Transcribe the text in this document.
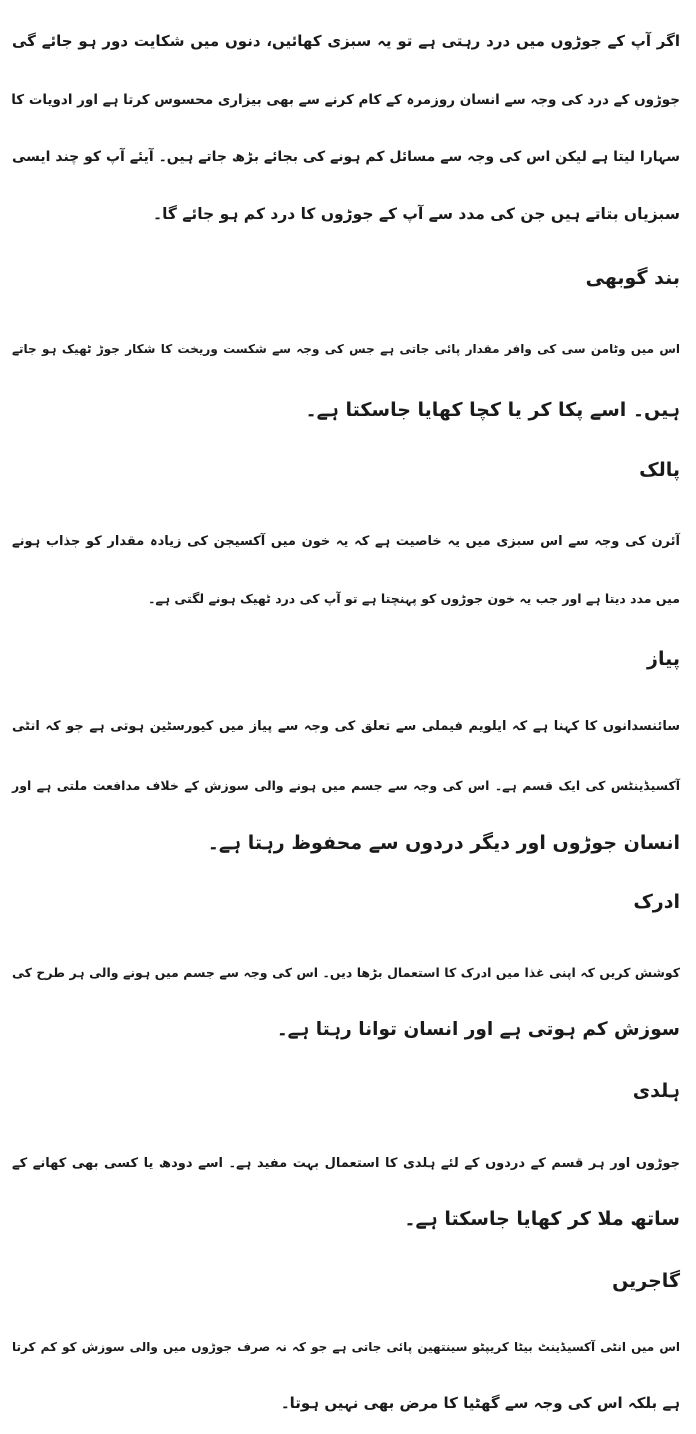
اگر آپ کے جوڑوں میں درد رہتی ہے تو یہ سبزی کھائیں، دنوں میں شکایت دور ہو جائے گی
جوڑوں کے درد کی وجہ سے انسان روزمرہ کے کام کرنے سے بھی بیزاری محسوس کرتا ہے اور ادویات کا
سہارا لیتا ہے لیکن اس کی وجہ سے مسائل کم ہونے کی بجائے بڑھ جاتے ہیں۔ آیئے آپ کو چند ایسی
سبزیاں بتاتے ہیں جن کی مدد سے آپ کے جوڑوں کا درد کم ہو جائے گا۔
بند گوبھی
اس میں وٹامن سی کی وافر مقدار پائی جاتی ہے جس کی وجہ سے شکست وریخت کا شکار جوڑ ٹھیک ہو جاتے
ہیں۔ اسے پکا کر یا کچا کھایا جاسکتا ہے۔
پالک
آئرن کی وجہ سے اس سبزی میں یہ خاصیت ہے کہ یہ خون میں آکسیجن کی زیادہ مقدار کو جذاب ہونے
میں مدد دیتا ہے اور جب یہ خون جوڑوں کو پہنچتا ہے تو آپ کی درد ٹھیک ہونے لگتی ہے۔
پیاز
سائنسدانوں کا کہنا ہے کہ ایلویم فیملی سے تعلق کی وجہ سے پیاز میں کیورسٹین ہوتی ہے جو کہ انٹی
آکسیڈینٹس کی ایک قسم ہے۔ اس کی وجہ سے جسم میں ہونے والی سوزش کے خلاف مدافعت ملتی ہے اور
انسان جوڑوں اور دیگر دردوں سے محفوظ رہتا ہے۔
ادرک
کوشش کریں کہ اپنی غذا میں ادرک کا استعمال بڑھا دیں۔ اس کی وجہ سے جسم میں ہونے والی ہر طرح کی
سوزش کم ہوتی ہے اور انسان توانا رہتا ہے۔
ہلدی
جوڑوں اور ہر قسم کے دردوں کے لئے ہلدی کا استعمال بہت مفید ہے۔ اسے دودھ یا کسی بھی کھانے کے
ساتھ ملا کر کھایا جاسکتا ہے۔
گاجریں
اس میں انٹی آکسیڈینٹ بیٹا کریپٹو سینتھین پائی جاتی ہے جو کہ نہ صرف جوڑوں میں والی سوزش کو کم کرتا
ہے بلکہ اس کی وجہ سے گھٹیا کا مرض بھی نہیں ہوتا۔
